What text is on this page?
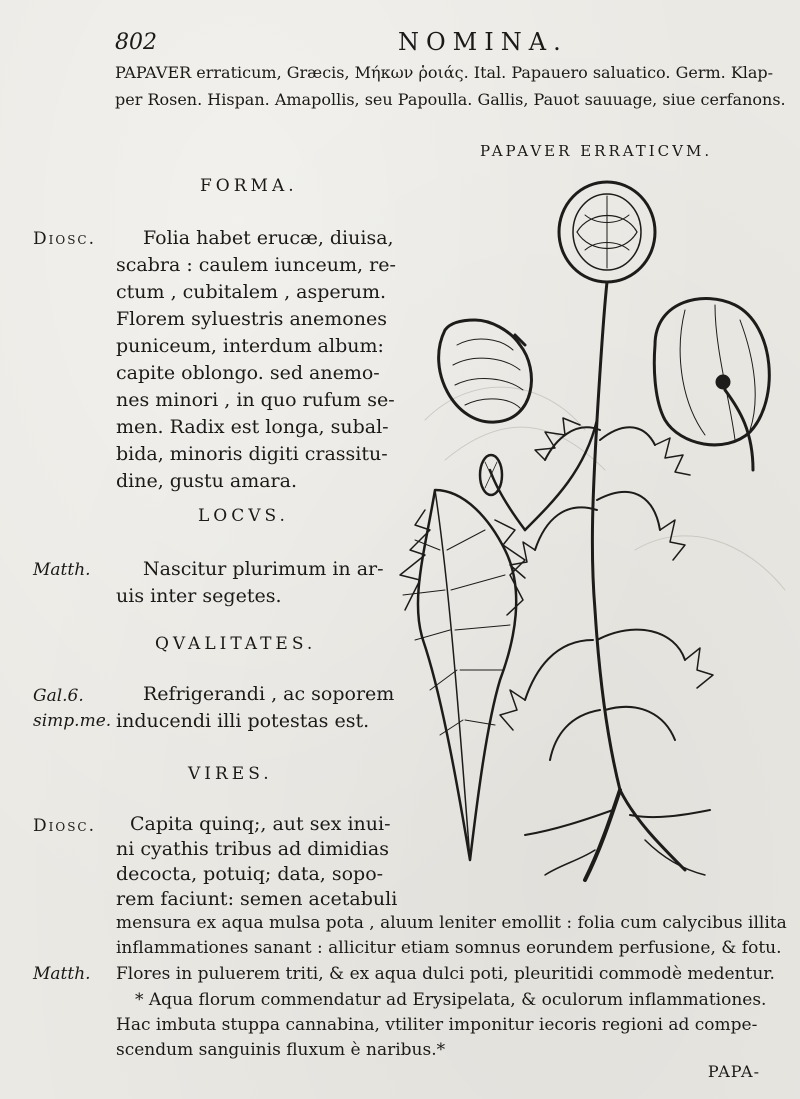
802	NOMINA.
PAPAVER erraticum, Græcis, Μήκων ῥοιάς. Ital. Papauero saluatico. Germ. Klap-
per Rosen. Hispan. Amapollis, seu Papoulla. Gallis, Pauot sauuage, siue cerfanons.
PAPAVER ERRATICVM.
FORMA.
Diosc. Folia habet erucæ, diuisa,
scabra : caulem iunceum, re-
ctum , cubitalem , asperum.
Florem syluestris anemones
puniceum, interdum album:
capite oblongo. sed anemo-
nes minori , in quo rufum se-
men. Radix est longa, subal-
bida, minoris digiti crassitu-
dine, gustu amara.
LOCVS.
Matth.	Nascitur plurimum in ar-
uis inter segetes.
QVALITATES.
Gal.6.
simp.me.
Refrigerandi , ac soporem
inducendi illi potestas est.
VIRES.
Diosc.
Matth.
Capita quinq;, aut sex inui-
ni cyathis tribus ad dimidias
decocta, potuiq; data, sopo-
rem faciunt: semen acetabuli
mensura ex aqua mulsa pota , aluum leniter emollit : folia cum calycibus illita
inflammationes sanant : allicitur etiam somnus eorundem perfusione, & fotu.
Flores in puluerem triti, & ex aqua dulci poti, pleuritidi commodè medentur.
* Aqua florum commendatur ad Erysipelata, & oculorum inflammationes.
Hac imbuta stuppa cannabina, vtiliter imponitur iecoris regioni ad compe-
scendum sanguinis fluxum è naribus.*
PAPA-
